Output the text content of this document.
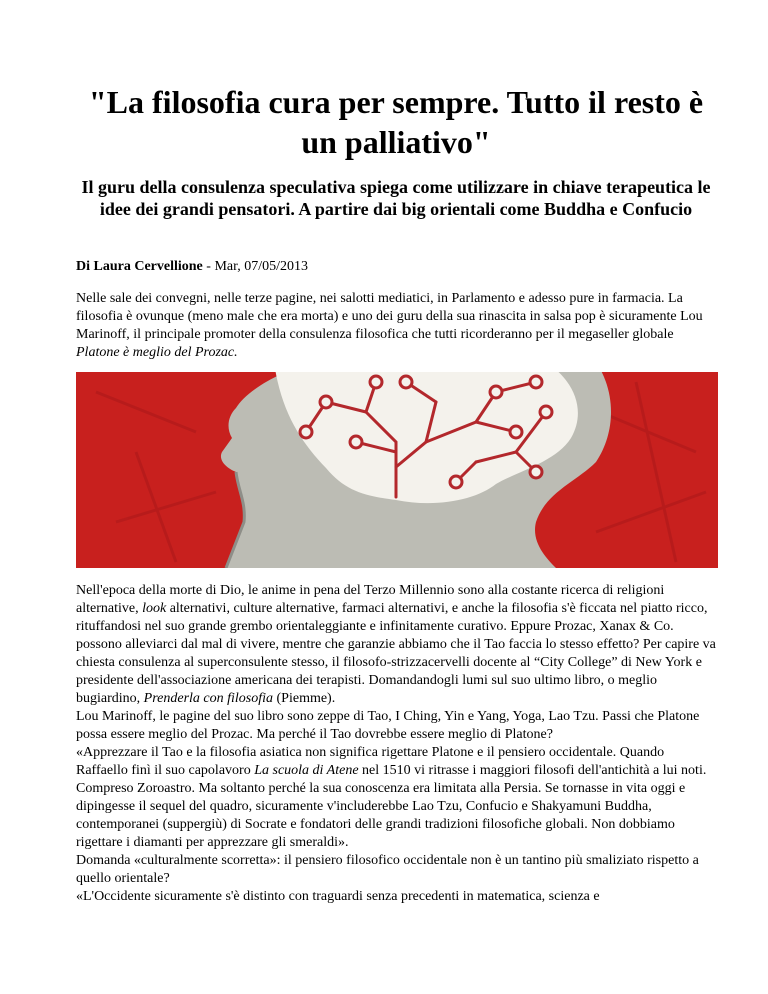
"La filosofia cura per sempre. Tutto il resto è un palliativo"
Il guru della consulenza speculativa spiega come utilizzare in chiave terapeutica le idee dei grandi pensatori. A partire dai big orientali come Buddha e Confucio
Di Laura Cervellione - Mar, 07/05/2013

Nelle sale dei convegni, nelle terze pagine, nei salotti mediatici, in Parlamento e adesso pure in farmacia. La filosofia è ovunque (meno male che era morta) e uno dei guru della sua rinascita in salsa pop è sicuramente Lou Marinoff, il principale promoter della consulenza filosofica che tutti ricorderanno per il megaseller globale Platone è meglio del Prozac.

Nell'epoca della morte di Dio, le anime in pena del Terzo Millennio sono alla costante ricerca di religioni alternative, look alternativi, culture alternative, farmaci alternativi, e anche la filosofia s'è ficcata nel piatto ricco, rituffandosi nel suo grande grembo orientaleggiante e infinitamente curativo. Eppure Prozac, Xanax & Co. possono alleviarci dal mal di vivere, mentre che garanzie abbiamo che il Tao faccia lo stesso effetto? Per capire va chiesta consulenza al superconsulente stesso, il filosofo-strizzacervelli docente al “City College” di New York e presidente dell'associazione americana dei terapisti. Domandandogli lumi sul suo ultimo libro, o meglio bugiardino, Prenderla con filosofia (Piemme).

Lou Marinoff, le pagine del suo libro sono zeppe di Tao, I Ching, Yin e Yang, Yoga, Lao Tzu. Passi che Platone possa essere meglio del Prozac. Ma perché il Tao dovrebbe essere meglio di Platone?

«Apprezzare il Tao e la filosofia asiatica non significa rigettare Platone e il pensiero occidentale. Quando Raffaello finì il suo capolavoro La scuola di Atene nel 1510 vi ritrasse i maggiori filosofi dell'antichità a lui noti. Compreso Zoroastro. Ma soltanto perché la sua conoscenza era limitata alla Persia. Se tornasse in vita oggi e dipingesse il sequel del quadro, sicuramente v'includerebbe Lao Tzu, Confucio e Shakyamuni Buddha, contemporanei (suppergiù) di Socrate e fondatori delle grandi tradizioni filosofiche globali. Non dobbiamo rigettare i diamanti per apprezzare gli smeraldi».

Domanda «culturalmente scorretta»: il pensiero filosofico occidentale non è un tantino più smaliziato rispetto a quello orientale?

«L'Occidente sicuramente s'è distinto con traguardi senza precedenti in matematica, scienza e
